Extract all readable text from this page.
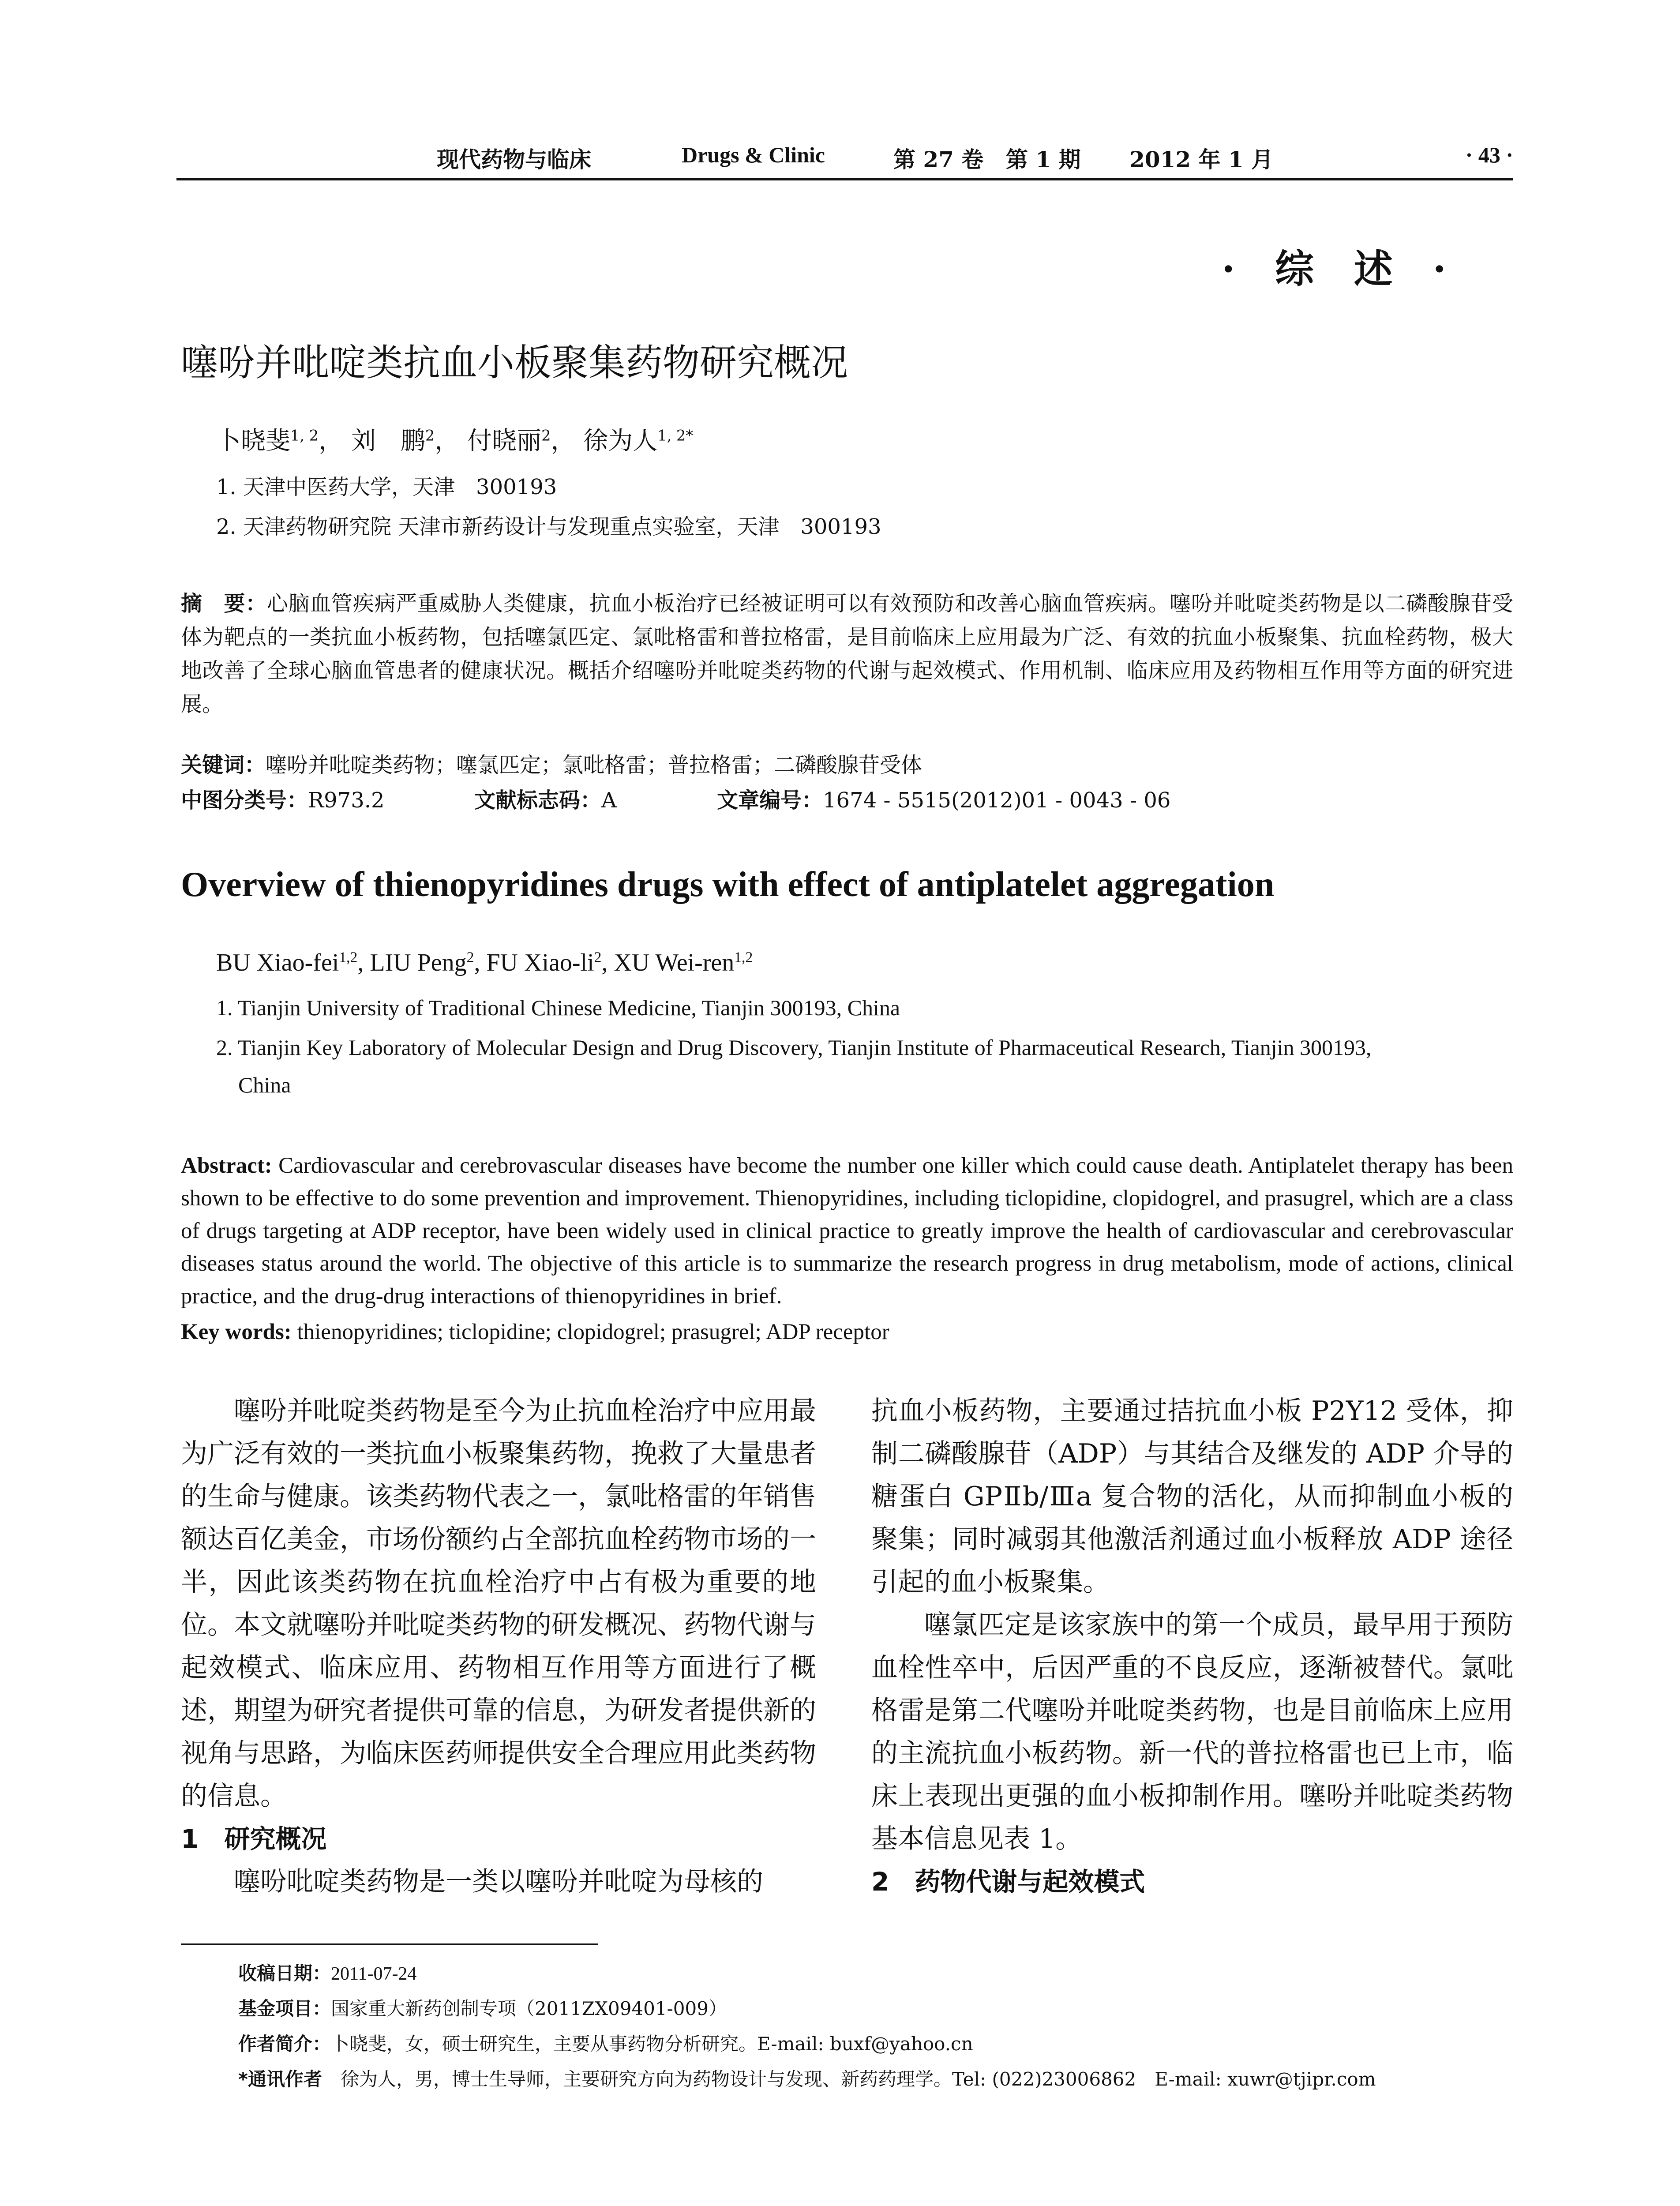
现代药物与临床	Drugs & Clinic	第 27 卷 第 1 期 2012 年 1 月	· 43 ·
· 综 述 ·
噻吩并吡啶类抗血小板聚集药物研究概况
卜晓斐$^{1, 2}$， 刘　鹏$^2$， 付晓丽$^2$， 徐为人$^{1, 2*}$
1. 天津中医药大学，天津　300193
2. 天津药物研究院 天津市新药设计与发现重点实验室，天津　300193
摘　要：心脑血管疾病严重威胁人类健康，抗血小板治疗已经被证明可以有效预防和改善心脑血管疾病。噻吩并吡啶类药物是以二磷酸腺苷受体为靶点的一类抗血小板药物，包括噻氯匹定、氯吡格雷和普拉格雷，是目前临床上应用最为广泛、有效的抗血小板聚集、抗血栓药物，极大地改善了全球心脑血管患者的健康状况。概括介绍噻吩并吡啶类药物的代谢与起效模式、作用机制、临床应用及药物相互作用等方面的研究进展。
关键词：噻吩并吡啶类药物；噻氯匹定；氯吡格雷；普拉格雷；二磷酸腺苷受体
中图分类号：R973.2	文献标志码：A	文章编号：1674 - 5515(2012)01 - 0043 - 06
Overview of thienopyridines drugs with effect of antiplatelet aggregation
BU Xiao-fei$^{1,2}$, LIU Peng$^2$, FU Xiao-$li^2$, XU Wei-ren$^{1,2}$
1. Tianjin University of Traditional Chinese Medicine, Tianjin 300193, China
2. Tianjin Key Laboratory of Molecular Design and Drug Discovery, Tianjin Institute of Pharmaceutical Research, Tianjin 300193,
China
Abstract: Cardiovascular and cerebrovascular diseases have become the number one killer which could cause death. Antiplatelet therapy has been shown to be effective to do some prevention and improvement. Thienopyridines, including ticlopidine, clopidogrel, and prasugrel, which are a class of drugs targeting at ADP receptor, have been widely used in clinical practice to greatly improve the health of cardiovascular and cerebrovascular diseases status around the world. The objective of this article is to summarize the research progress in drug metabolism, mode of actions, clinical practice, and the drug-drug interactions of thienopyridines in brief.
Key words: thienopyridines; ticlopidine; clopidogrel; prasugrel; ADP receptor
噻吩并吡啶类药物是至今为止抗血栓治疗中应用最为广泛有效的一类抗血小板聚集药物，挽救了大量患者的生命与健康。该类药物代表之一，氯吡格雷的年销售额达百亿美金，市场份额约占全部抗血栓药物市场的一半，因此该类药物在抗血栓治疗中占有极为重要的地位。本文就噻吩并吡啶类药物的研发概况、药物代谢与起效模式、临床应用、药物相互作用等方面进行了概述，期望为研究者提供可靠的信息，为研发者提供新的视角与思路，为临床医药师提供安全合理应用此类药物的信息。
1　 研究概况
噻吩吡啶类药物是一类以噻吩并吡啶为母核的
抗血小板药物，主要通过拮抗血小板 P2Y12 受体，抑制二磷酸腺苷（ADP）与其结合及继发的 ADP 介导的糖蛋白 GPⅡb/Ⅲa 复合物的活化，从而抑制血小板的聚集；同时减弱其他激活剂通过血小板释放 ADP 途径引起的血小板聚集。
噻氯匹定是该家族中的第一个成员，最早用于预防血栓性卒中，后因严重的不良反应，逐渐被替代。氯吡格雷是第二代噻吩并吡啶类药物，也是目前临床上应用的主流抗血小板药物。新一代的普拉格雷也已上市，临床上表现出更强的血小板抑制作用。噻吩并吡啶类药物基本信息见表 1。
2　 药物代谢与起效模式
收稿日期：2011-07-24
基金项目：国家重大新药创制专项（2011ZX09401-009）
作者简介：卜晓斐，女，硕士研究生，主要从事药物分析研究。E-mail: buxf@yahoo.cn
*通讯作者　 徐为人，男，博士生导师，主要研究方向为药物设计与发现、新药药理学。Tel: (022)23006862　E-mail: xuwr@tjipr.com
